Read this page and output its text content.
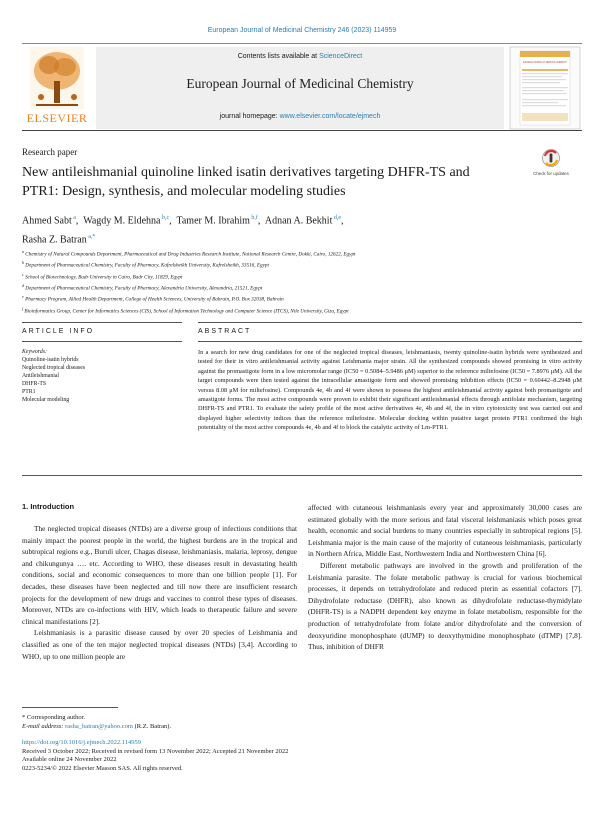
European Journal of Medicinal Chemistry 246 (2023) 114959
ELSEVIER
Contents lists available at ScienceDirect
European Journal of Medicinal Chemistry
journal homepage: www.elsevier.com/locate/ejmech
EUROPEAN JOURNAL OF MEDICINAL CHEMISTRY
Research paper
New antileishmanial quinoline linked isatin derivatives targeting DHFR-TS and PTR1: Design, synthesis, and molecular modeling studies
Check for updates
Ahmed Sabt $^a$,  Wagdy M. Eldehna $^{b,c}$,  Tamer M. Ibrahim $^{b,f}$,  Adnan A. Bekhit $^{d,e}$,
Rasha Z. Batran $^{a,*}$
$^a$ Chemistry of Natural Compounds Department, Pharmaceutical and Drug Industries Research Institute, National Research Centre, Dokki, Cairo, 12622, Egypt
$^b$ Department of Pharmaceutical Chemistry, Faculty of Pharmacy, Kafrelsheikh University, Kafrelsheikh, 33516, Egypt
$^c$ School of Biotechnology, Badr University in Cairo, Badr City, 11829, Egypt
$^d$ Department of Pharmaceutical Chemistry, Faculty of Pharmacy, Alexandria University, Alexandria, 21521, Egypt
$^e$ Pharmacy Program, Allied Health Department, College of Health Sciences, University of Bahrain, P.O. Box 32038, Bahrain
$^f$ Bioinformatics Group, Center for Informatics Sciences (CIS), School of Information Technology and Computer Science (ITCS), Nile University, Giza, Egypt
ARTICLE INFO	ABSTRACT
Keywords:
Quinoline-isatin hybrids
Neglected tropical diseases
Antileishmanial
DHFR-TS
PTR1
Molecular modeling
In a search for new drug candidates for one of the neglected tropical diseases, leishmaniasis, twenty quinoline-isatin hybrids were synthesized and tested for their in vitro antileishmanial activity against Leishmania major strain. All the synthesized compounds showed promising in vitro activity against the promastigote form in a low micromolar range (IC50 = 0.5084–5.9486 μM) superior to the reference miltefosine (IC50 = 7.8976 μM). All the target compounds were then tested against the intracellular amastigote form and showed promising inhibition effects (IC50 = 0.60442–8.2948 μM versus 8.08 μM for miltefosine). Compounds 4e, 4b and 4f were shown to possess the highest antileishmanial activity against both promastigote and amastigote forms. The most active compounds were proven to exhibit their significant antileishmanial effects through antifolate mechanism, targeting DHFR-TS and PTR1. To evaluate the safety profile of the most active derivatives 4e, 4b and 4f, the in vitro cytotoxicity test was carried out and displayed higher selectivity indices than the reference miltefosine. Molecular docking within putative target protein PTR1 confirmed the high potentiality of the most active compounds 4e, 4b and 4f to block the catalytic activity of Lm-PTR1.
1. Introduction

The neglected tropical diseases (NTDs) are a diverse group of infectious conditions that mainly impact the poorest people in the world, the highest burdens are in the tropical and subtropical regions e.g., Buruli ulcer, Chagas disease, leishmaniasis, malaria, leprosy, dengue and chikungunya …. etc. According to WHO, these diseases result in devastating health conditions, social and economic consequences to more than one billion people [1]. For decades, these diseases have been neglected and till now there are insufficient research projects for the development of new drugs and vaccines to control these types of diseases. Moreover, NTDs are co-infections with HIV, which leads to therapeutic failure and severe clinical manifestations [2].

Leishmaniasis is a parasitic disease caused by over 20 species of Leishmania and classified as one of the ten major neglected tropical diseases (NTDs) [3,4]. According to WHO, up to one million people are

affected with cutaneous leishmaniasis every year and approximately 30,000 cases are estimated globally with the more serious and fatal visceral leishmaniasis which poses great health, economic and social burdens to many countries especially in subtropical regions [5]. Leishmania major is the main cause of the majority of cutaneous leishmaniasis, particularly in Northern Africa, Middle East, Northwestern India and Northwestern China [6].

Different metabolic pathways are involved in the growth and proliferation of the Leishmania parasite. The folate metabolic pathway is crucial for various biochemical processes, it depends on tetrahydrofolate and reduced pterin as essential cofactors [7]. Dihydrofolate reductase (DHFR), also known as dihydrofolate reductase-thymidylate (DHFR-TS) is a NADPH dependent key enzyme in folate metabolism, responsible for the production of tetrahydrofolate from folate and/or dihydrofolate and the conversion of deoxyuridine monophosphate (dUMP) to deoxythymidine monophosphate (dTMP) [7,8]. Thus, inhibition of DHFR

* Corresponding author.
E-mail address: rasha_batran@yahoo.com (R.Z. Batran).
https://doi.org/10.1016/j.ejmech.2022.114959
Received 3 October 2022; Received in revised form 13 November 2022; Accepted 21 November 2022
Available online 24 November 2022
0223-5234/© 2022 Elsevier Masson SAS. All rights reserved.
